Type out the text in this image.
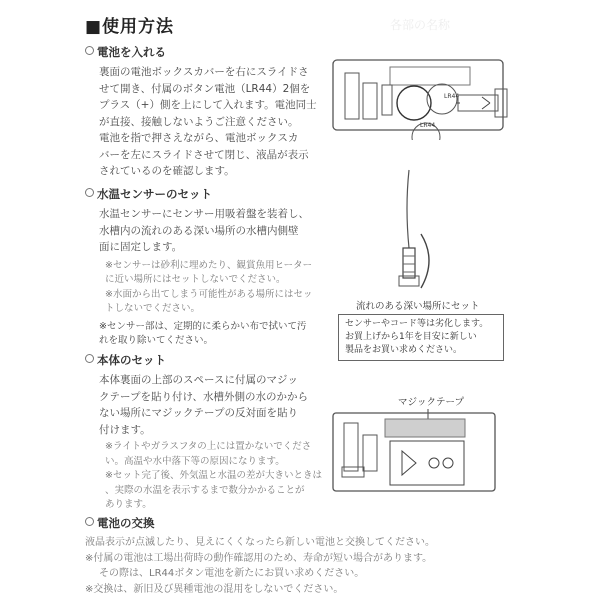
■使用方法	各部の名称
電池を入れる
裏面の電池ボックスカバーを右にスライドさ
せて開き、付属のボタン電池（LR44）2個を
プラス（+）側を上にして入れます。電池同士
が直接、接触しないようご注意ください。
電池を指で押さえながら、電池ボックスカ
バーを左にスライドさせて閉じ、液晶が表示
されているのを確認します。
LR44
LR44
水温センサーのセット
水温センサーにセンサー用吸着盤を装着し、
水槽内の流れのある深い場所の水槽内側壁
面に固定します。
※センサーは砂利に埋めたり、観賞魚用ヒーター
に近い場所にはセットしないでください。
※水面から出てしまう可能性がある場所にはセッ
トしないでください。
※センサー部は、定期的に柔らかい布で拭いて汚
れを取り除いてください。
流れのある深い場所にセット
センサーやコード等は劣化します。
お買上げから1年を目安に新しい
製品をお買い求めください。
本体のセット
本体裏面の上部のスペースに付属のマジッ
クテープを貼り付け、水槽外側の水のかから
ない場所にマジックテープの反対面を貼り
付けます。
※ライトやガラスフタの上には置かないでくださ
い。高温や水中落下等の原因になります。
※セット完了後、外気温と水温の差が大きいときは
、実際の水温を表示するまで数分かかることが
あります。
マジックテープ
電池の交換
液晶表示が点滅したり、見えにくくなったら新しい電池と交換してください。
※付属の電池は工場出荷時の動作確認用のため、寿命が短い場合があります。
その際は、LR44ボタン電池を新たにお買い求めください。
※交換は、新旧及び異種電池の混用をしないでください。
